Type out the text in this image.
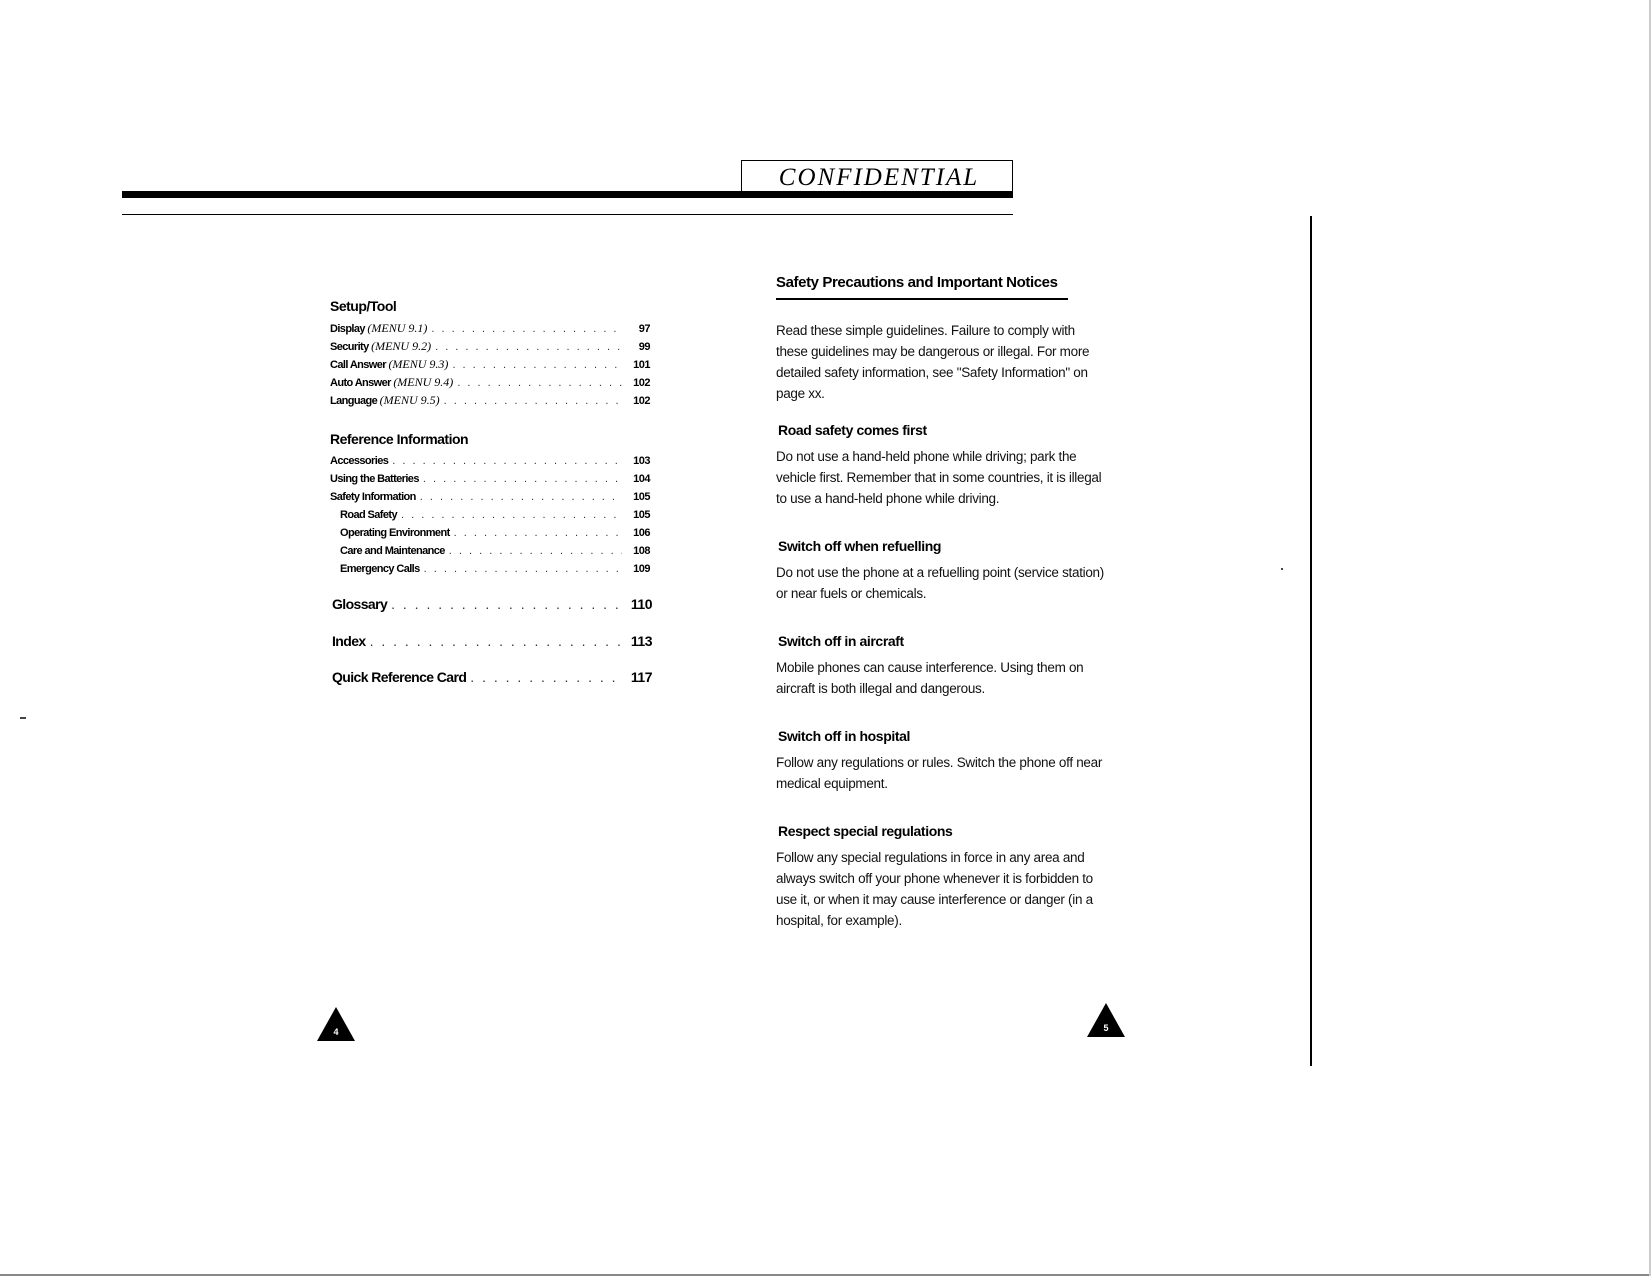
CONFIDENTIAL
Setup/Tool
Display (MENU 9.1) . . .	97
Security (MENU 9.2) . . .	99
Call Answer (MENU 9.3) . . .	101
Auto Answer (MENU 9.4) . . .	102
Language (MENU 9.5) . . .	102
Reference Information
Accessories . . .	103
Using the Batteries . . .	104
Safety Information . . .	105
Road Safety . . .	105
Operating Environment . . .	106
Care and Maintenance . . .	108
Emergency Calls . . .	109
Glossary . . .	110
Index . . .	113
Quick Reference Card . . .	117
Safety Precautions and Important Notices
Read these simple guidelines. Failure to comply with these guidelines may be dangerous or illegal. For more detailed safety information, see "Safety Information" on page xx.
Road safety comes first
Do not use a hand-held phone while driving; park the vehicle first. Remember that in some countries, it is illegal to use a hand-held phone while driving.
Switch off when refuelling
Do not use the phone at a refuelling point (service station) or near fuels or chemicals.
Switch off in aircraft
Mobile phones can cause interference. Using them on aircraft is both illegal and dangerous.
Switch off in hospital
Follow any regulations or rules. Switch the phone off near medical equipment.
Respect special regulations
Follow any special regulations in force in any area and always switch off your phone whenever it is forbidden to use it, or when it may cause interference or danger (in a hospital, for example).
4	5
